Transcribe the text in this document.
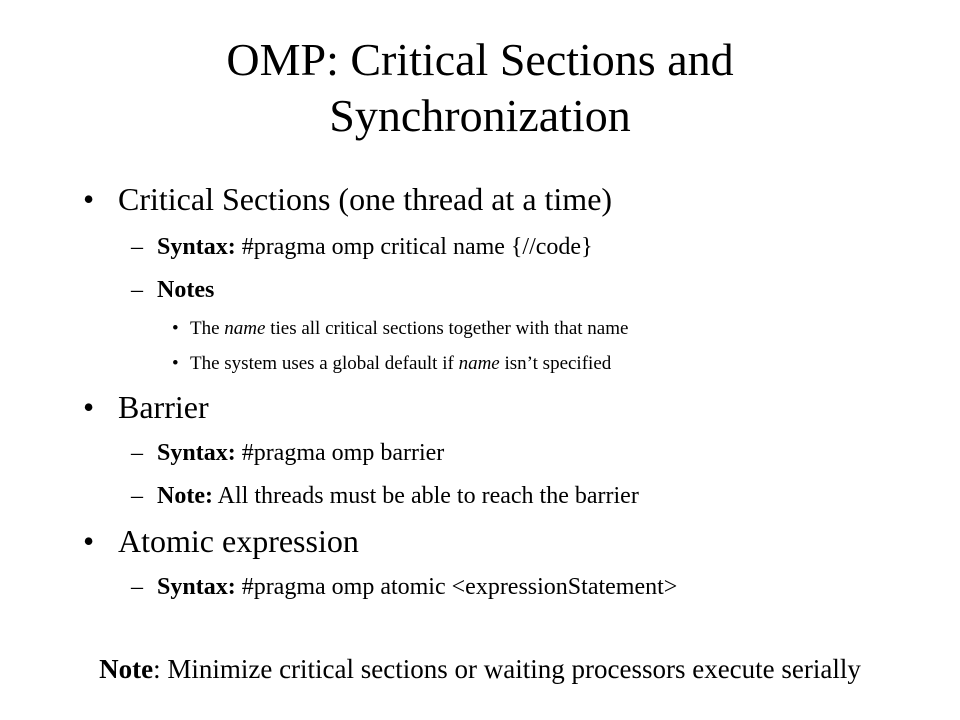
OMP: Critical Sections and
Synchronization
• Critical Sections (one thread at a time)
– Syntax: #pragma omp critical name {//code}
– Notes
• The name ties all critical sections together with that name
• The system uses a global default if name isn’t specified
• Barrier
– Syntax: #pragma omp barrier
– Note: All threads must be able to reach the barrier
• Atomic expression
– Syntax: #pragma omp atomic <expressionStatement>
Note: Minimize critical sections or waiting processors execute serially
